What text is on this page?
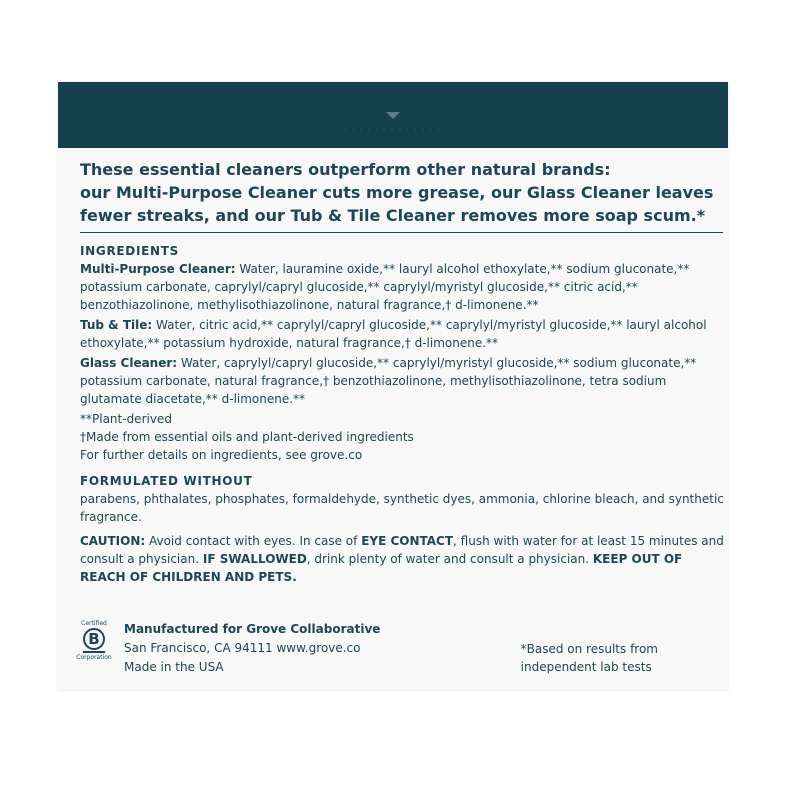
· · · · · · · · · · · · ·
These essential cleaners outperform other natural brands:
our Multi-Purpose Cleaner cuts more grease, our Glass Cleaner leaves
fewer streaks, and our Tub & Tile Cleaner removes more soap scum.*

INGREDIENTS

Multi-Purpose Cleaner: Water, lauramine oxide,** lauryl alcohol ethoxylate,** sodium gluconate,** potassium carbonate, caprylyl/capryl glucoside,** caprylyl/myristyl glucoside,** citric acid,** benzothiazolinone, methylisothiazolinone, natural fragrance,† d-limonene.**

Tub & Tile: Water, citric acid,** caprylyl/capryl glucoside,** caprylyl/myristyl glucoside,** lauryl alcohol ethoxylate,** potassium hydroxide, natural fragrance,† d-limonene.**

Glass Cleaner: Water, caprylyl/capryl glucoside,** caprylyl/myristyl glucoside,** sodium gluconate,** potassium carbonate, natural fragrance,† benzothiazolinone, methylisothiazolinone, tetra sodium glutamate diacetate,** d-limonene.**

**Plant-derived

†Made from essential oils and plant-derived ingredients

For further details on ingredients, see grove.co

FORMULATED WITHOUT

parabens, phthalates, phosphates, formaldehyde, synthetic dyes, ammonia, chlorine bleach, and synthetic fragrance.

CAUTION: Avoid contact with eyes. In case of EYE CONTACT, flush with water for at least 15 minutes and consult a physician. IF SWALLOWED, drink plenty of water and consult a physician. KEEP OUT OF REACH OF CHILDREN AND PETS.

Certified
B
Corporation

Manufactured for Grove Collaborative

San Francisco, CA 94111 www.grove.co

Made in the USA

*Based on results from

independent lab tests
